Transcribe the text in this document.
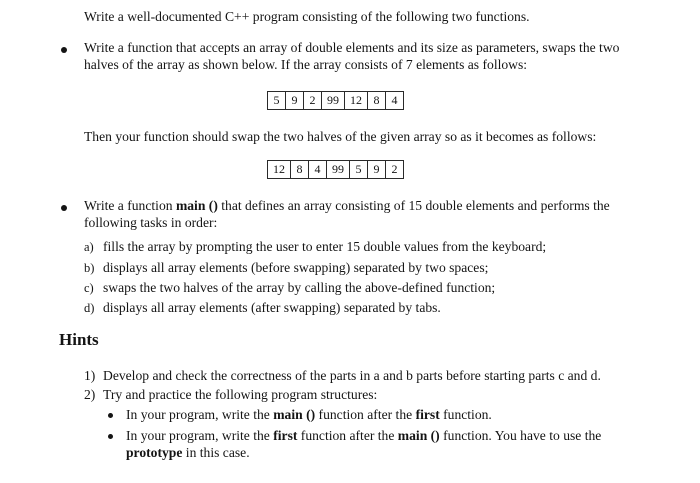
Write a well-documented C++ program consisting of the following two functions.
Write a function that accepts an array of double elements and its size as parameters, swaps the two
halves of the array as shown below. If the array consists of 7 elements as follows:
5	9	2 99 12 8	4
Then your function should swap the two halves of the given array so as it becomes as follows:
12 8	4 99 5	9	2
Write a function main () that defines an array consisting of 15 double elements and performs the
following tasks in order:
a) fills the array by prompting the user to enter 15 double values from the keyboard;
b) displays all array elements (before swapping) separated by two spaces;
c) swaps the two halves of the array by calling the above-defined function;
d) displays all array elements (after swapping) separated by tabs.
Hints
1) Develop and check the correctness of the parts in a and b parts before starting parts c and d.
2) Try and practice the following program structures:
In your program, write the main () function after the first function.
In your program, write the first function after the main () function. You have to use the
prototype in this case.
